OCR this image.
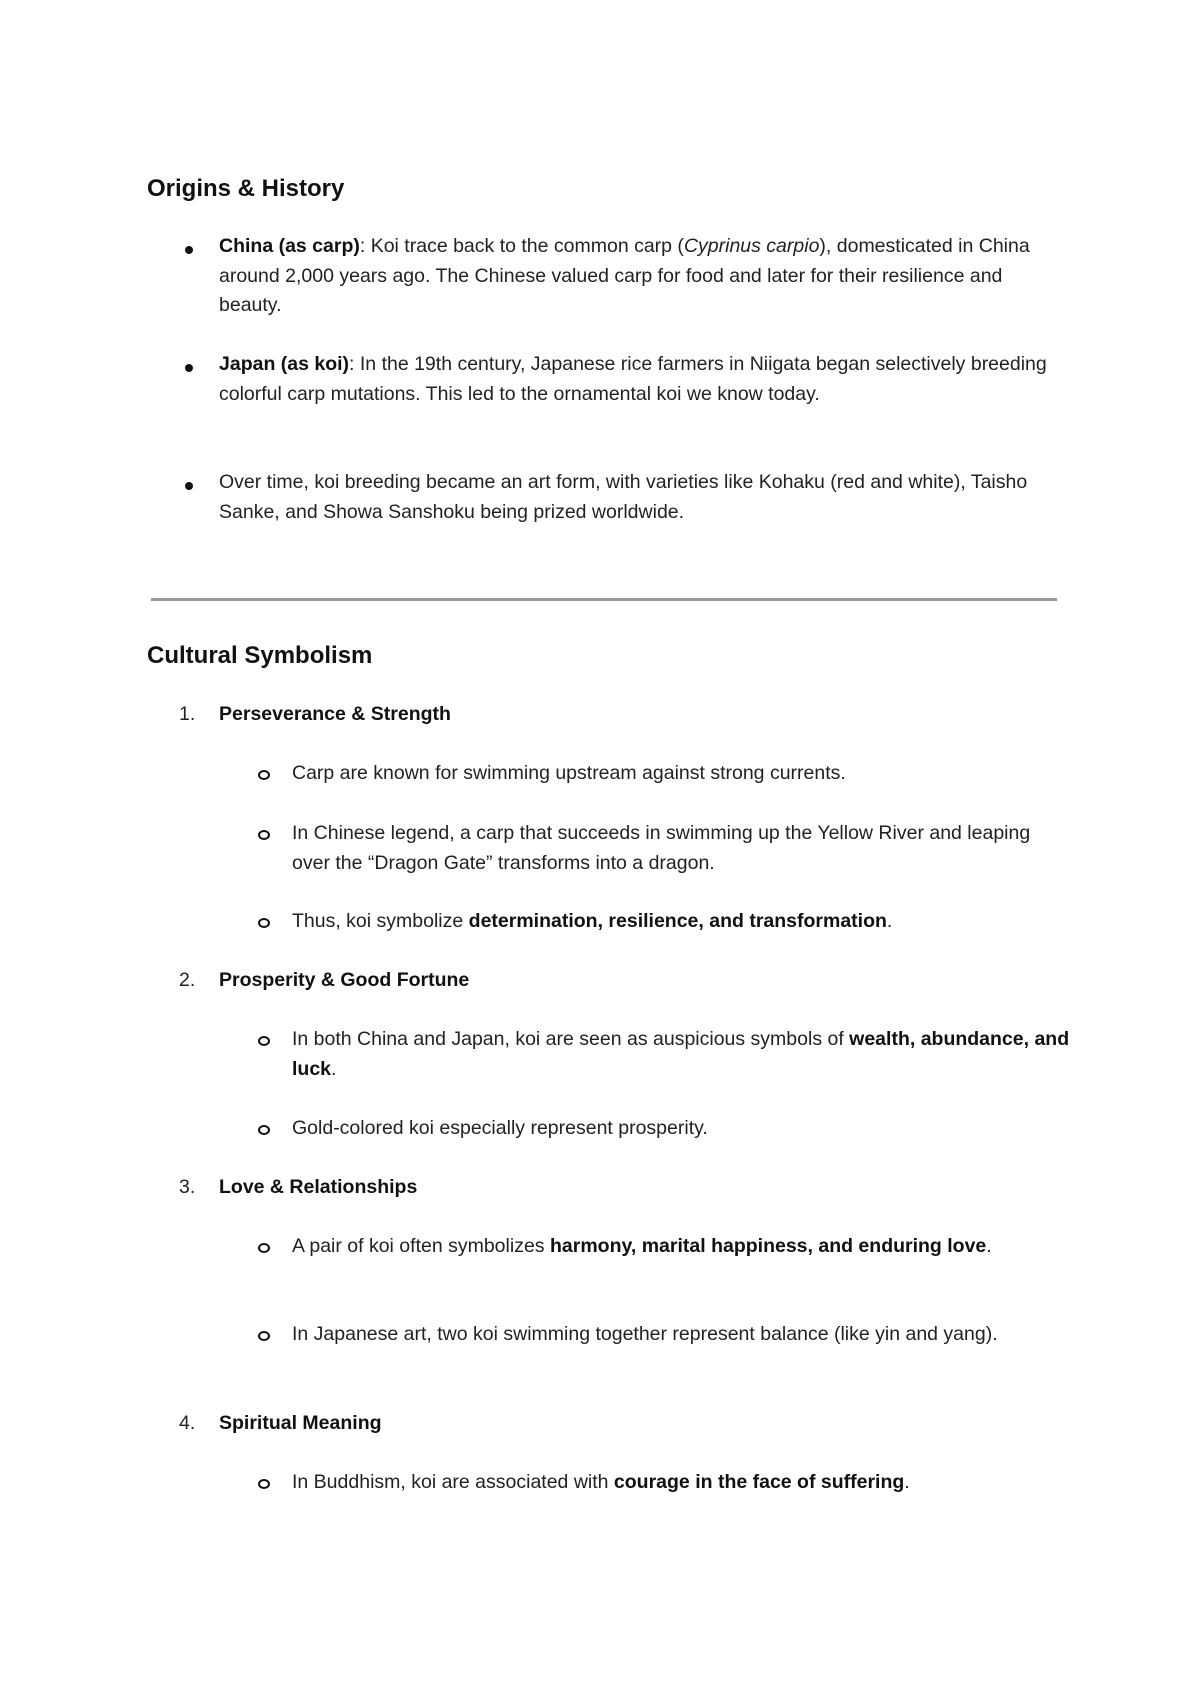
Origins & History
China (as carp): Koi trace back to the common carp (Cyprinus carpio), domesticated in China around 2,000 years ago. The Chinese valued carp for food and later for their resilience and beauty.
Japan (as koi): In the 19th century, Japanese rice farmers in Niigata began selectively breeding colorful carp mutations. This led to the ornamental koi we know today.
Over time, koi breeding became an art form, with varieties like Kohaku (red and white), Taisho Sanke, and Showa Sanshoku being prized worldwide.
Cultural Symbolism
1.	Perseverance & Strength
Carp are known for swimming upstream against strong currents.
In Chinese legend, a carp that succeeds in swimming up the Yellow River and leaping over the “Dragon Gate” transforms into a dragon.
Thus, koi symbolize determination, resilience, and transformation.
2.	Prosperity & Good Fortune
In both China and Japan, koi are seen as auspicious symbols of wealth, abundance, and luck.
Gold-colored koi especially represent prosperity.
3.	Love & Relationships
A pair of koi often symbolizes harmony, marital happiness, and enduring love.
In Japanese art, two koi swimming together represent balance (like yin and yang).
4.	Spiritual Meaning
In Buddhism, koi are associated with courage in the face of suffering.
